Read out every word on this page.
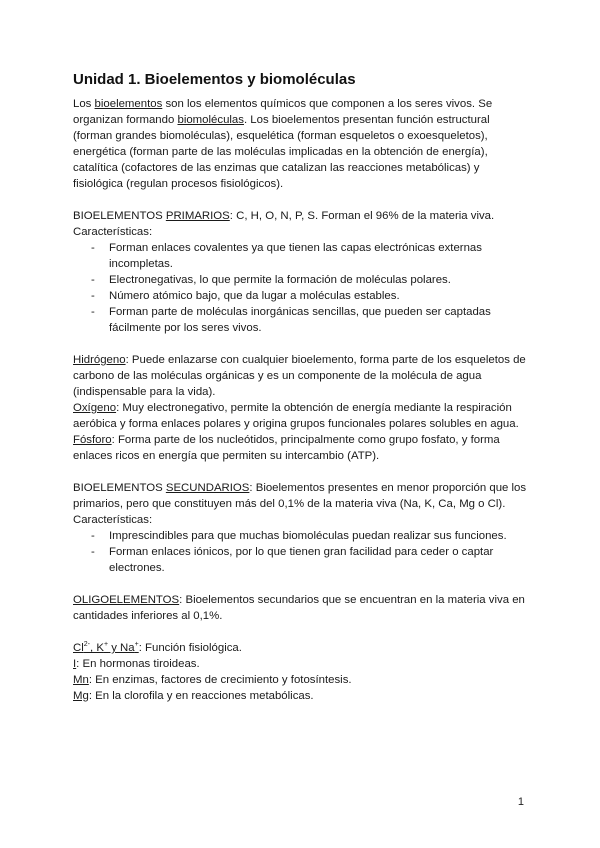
Unidad 1. Bioelementos y biomoléculas

Los bioelementos son los elementos químicos que componen a los seres vivos. Se organizan formando biomoléculas. Los bioelementos presentan función estructural (forman grandes biomoléculas), esquelética (forman esqueletos o exoesqueletos), energética (forman parte de las moléculas implicadas en la obtención de energía), catalítica (cofactores de las enzimas que catalizan las reacciones metabólicas) y fisiológica (regulan procesos fisiológicos).

BIOELEMENTOS PRIMARIOS: C, H, O, N, P, S. Forman el 96% de la materia viva.

Características:

- Forman enlaces covalentes ya que tienen las capas electrónicas externas incompletas.
- Electronegativas, lo que permite la formación de moléculas polares.
- Número atómico bajo, que da lugar a moléculas estables.
- Forman parte de moléculas inorgánicas sencillas, que pueden ser captadas fácilmente por los seres vivos.

Hidrógeno: Puede enlazarse con cualquier bioelemento, forma parte de los esqueletos de carbono de las moléculas orgánicas y es un componente de la molécula de agua (indispensable para la vida).

Oxígeno: Muy electronegativo, permite la obtención de energía mediante la respiración aeróbica y forma enlaces polares y origina grupos funcionales polares solubles en agua.

Fósforo: Forma parte de los nucleótidos, principalmente como grupo fosfato, y forma enlaces ricos en energía que permiten su intercambio (ATP).

BIOELEMENTOS SECUNDARIOS: Bioelementos presentes en menor proporción que los primarios, pero que constituyen más del 0,1% de la materia viva (Na, K, Ca, Mg o Cl). Características:

- Imprescindibles para que muchas biomoléculas puedan realizar sus funciones.
- Forman enlaces iónicos, por lo que tienen gran facilidad para ceder o captar electrones.

OLIGOELEMENTOS: Bioelementos secundarios que se encuentran en la materia viva en cantidades inferiores al 0,1%.

$Cl^{2-}$, K+ y Na+: Función fisiológica.

I: En hormonas tiroideas.

Mn: En enzimas, factores de crecimiento y fotosíntesis.

Mg: En la clorofila y en reacciones metabólicas.

1
